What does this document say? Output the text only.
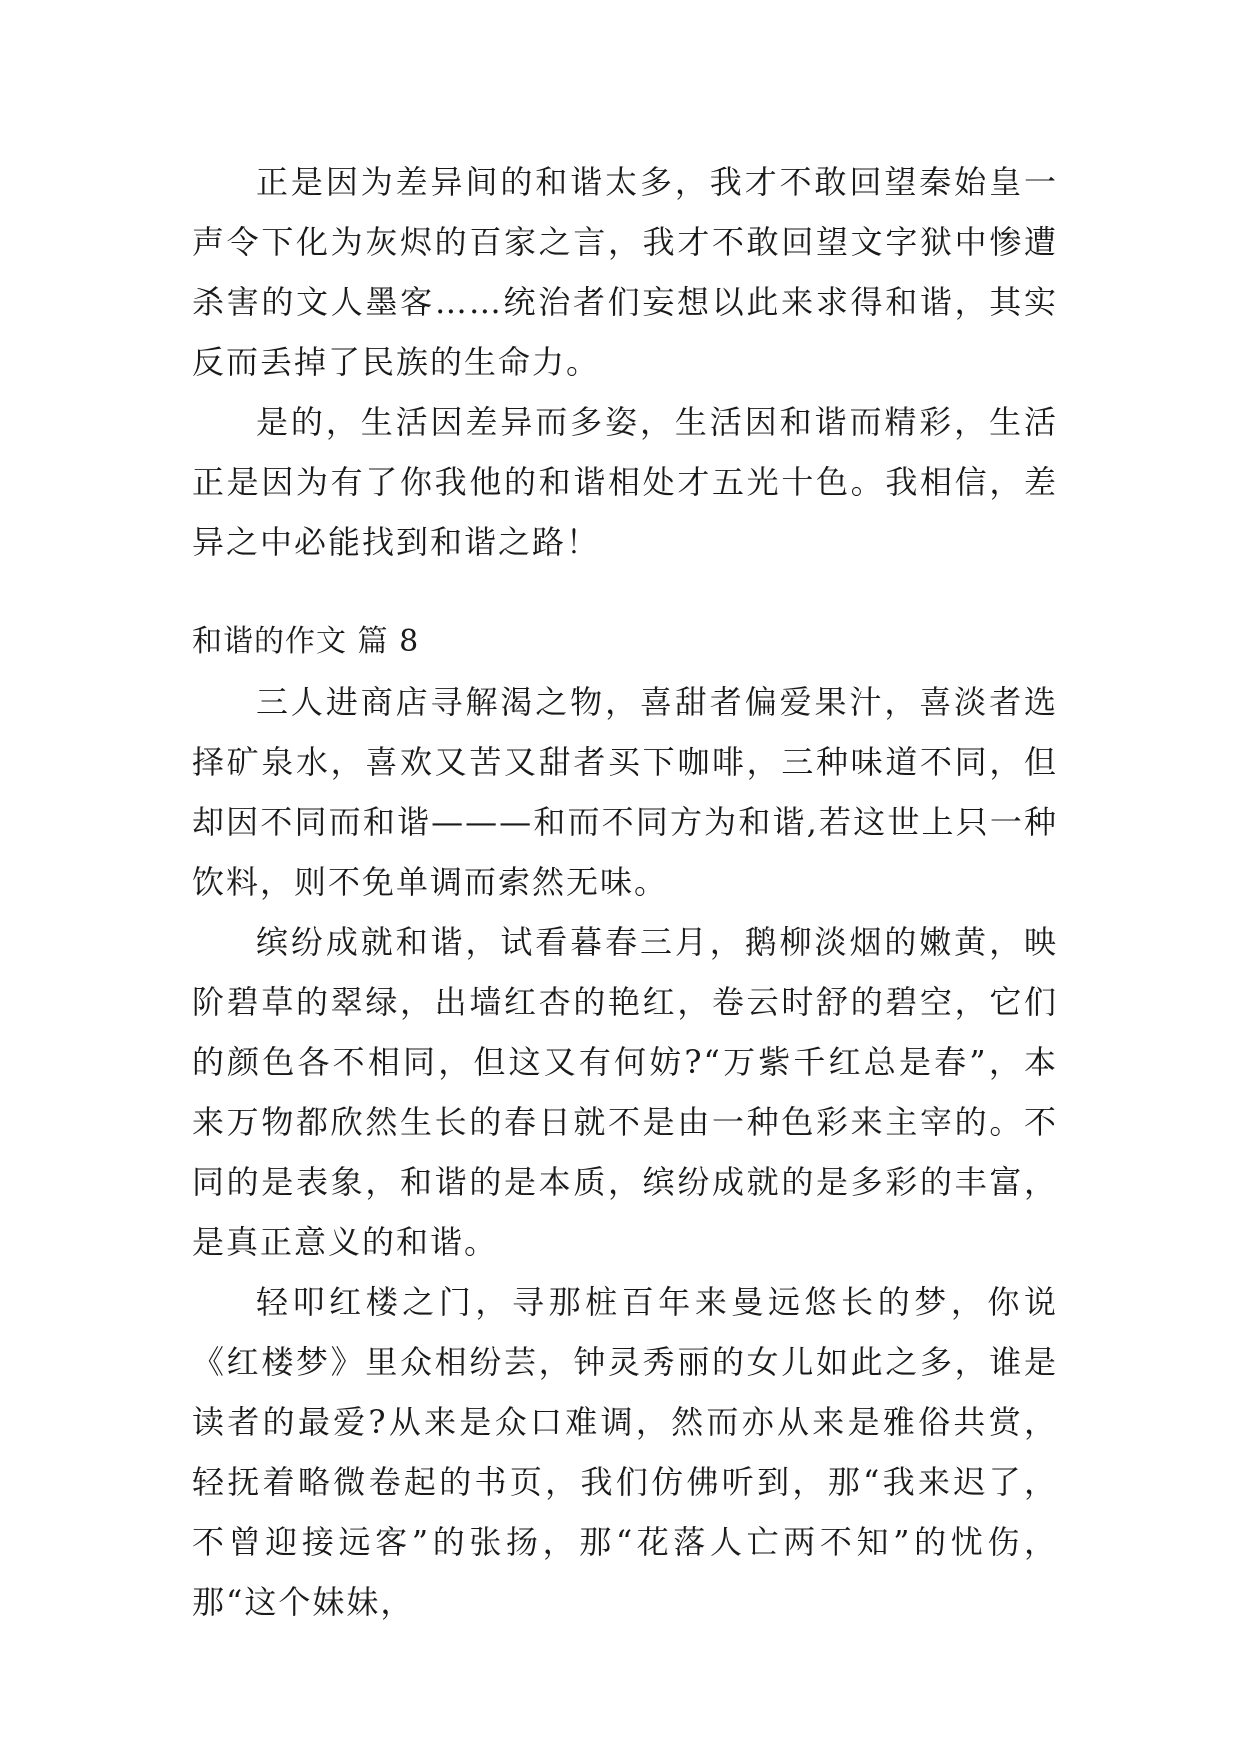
正是因为差异间的和谐太多，我才不敢回望秦始皇一声令下化为灰烬的百家之言，我才不敢回望文字狱中惨遭杀害的文人墨客……统治者们妄想以此来求得和谐，其实反而丢掉了民族的生命力。

是的，生活因差异而多姿，生活因和谐而精彩，生活正是因为有了你我他的和谐相处才五光十色。我相信，差异之中必能找到和谐之路！

和谐的作文 篇 8

三人进商店寻解渴之物，喜甜者偏爱果汁，喜淡者选择矿泉水，喜欢又苦又甜者买下咖啡，三种味道不同，但却因不同而和谐———和而不同方为和谐,若这世上只一种饮料，则不免单调而索然无味。

缤纷成就和谐，试看暮春三月，鹅柳淡烟的嫩黄，映阶碧草的翠绿，出墙红杏的艳红，卷云时舒的碧空，它们的颜色各不相同，但这又有何妨?“万紫千红总是春”，本来万物都欣然生长的春日就不是由一种色彩来主宰的。不同的是表象，和谐的是本质，缤纷成就的是多彩的丰富，是真正意义的和谐。

轻叩红楼之门，寻那桩百年来曼远悠长的梦，你说《红楼梦》里众相纷芸，钟灵秀丽的女儿如此之多，谁是读者的最爱?从来是众口难调，然而亦从来是雅俗共赏，轻抚着略微卷起的书页，我们仿佛听到，那“我来迟了，不曾迎接远客”的张扬，那“花落人亡两不知”的忧伤，那“这个妹妹，
